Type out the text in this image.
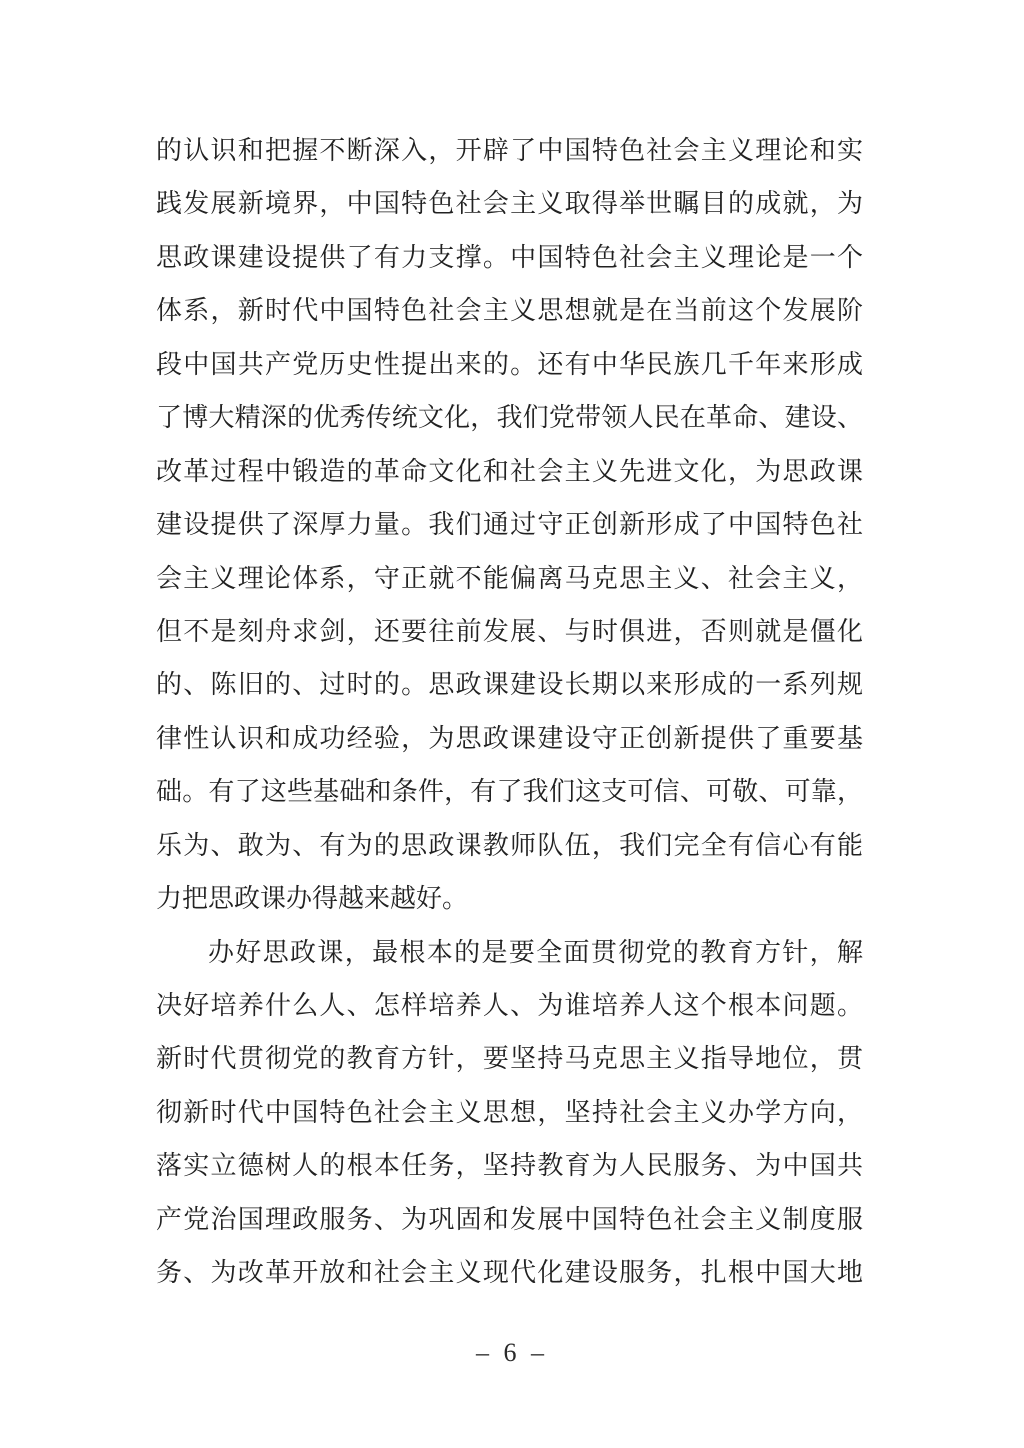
的认识和把握不断深入，开辟了中国特色社会主义理论和实
践发展新境界，中国特色社会主义取得举世瞩目的成就，为
思政课建设提供了有力支撑。中国特色社会主义理论是一个
体系，新时代中国特色社会主义思想就是在当前这个发展阶
段中国共产党历史性提出来的。还有中华民族几千年来形成
了博大精深的优秀传统文化，我们党带领人民在革命、建设、
改革过程中锻造的革命文化和社会主义先进文化，为思政课
建设提供了深厚力量。我们通过守正创新形成了中国特色社
会主义理论体系，守正就不能偏离马克思主义、社会主义，
但不是刻舟求剑，还要往前发展、与时俱进，否则就是僵化
的、陈旧的、过时的。思政课建设长期以来形成的一系列规
律性认识和成功经验，为思政课建设守正创新提供了重要基
础。有了这些基础和条件，有了我们这支可信、可敬、可靠，
乐为、敢为、有为的思政课教师队伍，我们完全有信心有能
力把思政课办得越来越好。
办好思政课，最根本的是要全面贯彻党的教育方针，解
决好培养什么人、怎样培养人、为谁培养人这个根本问题。
新时代贯彻党的教育方针，要坚持马克思主义指导地位，贯
彻新时代中国特色社会主义思想，坚持社会主义办学方向，
落实立德树人的根本任务，坚持教育为人民服务、为中国共
产党治国理政服务、为巩固和发展中国特色社会主义制度服
务、为改革开放和社会主义现代化建设服务，扎根中国大地
– 6 –
